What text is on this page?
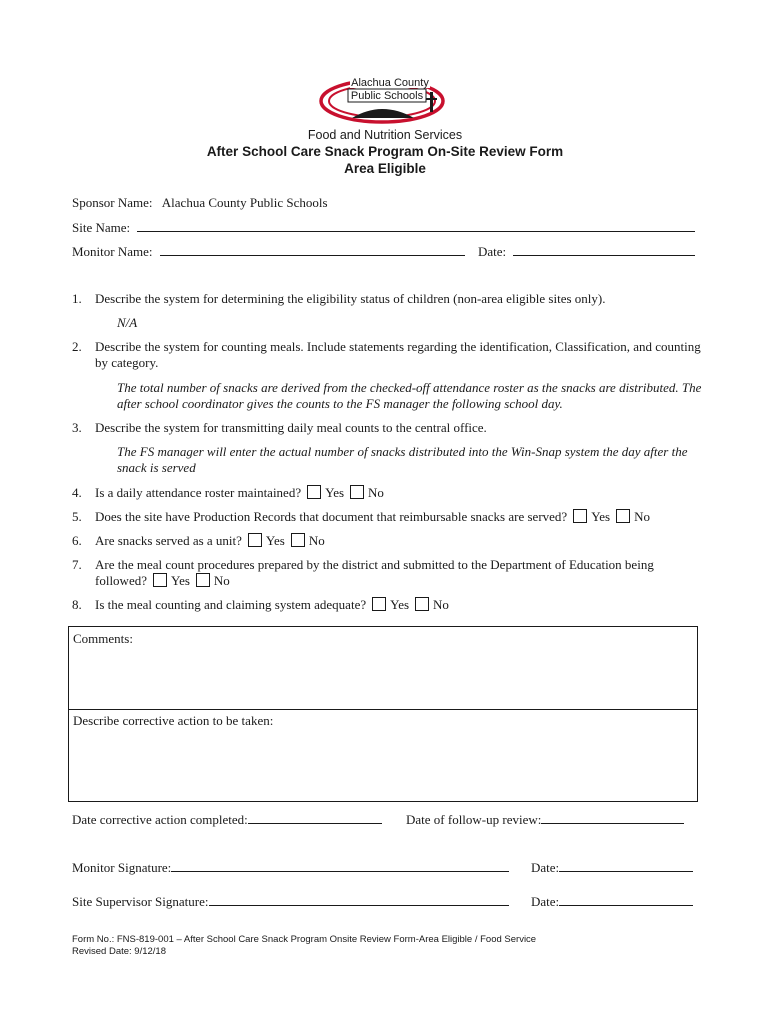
Alachua County
Public Schools
Food and Nutrition Services
After School Care Snack Program On-Site Review Form
Area Eligible
Sponsor Name: Alachua County Public Schools
Site Name:
Monitor Name:	Date:
1. Describe the system for determining the eligibility status of children (non-area eligible sites only).
N/A
2. Describe the system for counting meals. Include statements regarding the identification, Classification, and counting by category.
The total number of snacks are derived from the checked-off attendance roster as the snacks are distributed. The after school coordinator gives the counts to the FS manager the following school day.
3. Describe the system for transmitting daily meal counts to the central office.
The FS manager will enter the actual number of snacks distributed into the Win-Snap system the day after the snack is served
4. Is a daily attendance roster maintained? Yes No
5. Does the site have Production Records that document that reimbursable snacks are served? Yes No
6. Are snacks served as a unit? Yes No
7. Are the meal count procedures prepared by the district and submitted to the Department of Education being
followed? Yes No
8. Is the meal counting and claiming system adequate? Yes No
Comments:
Describe corrective action to be taken:
Date corrective action completed:	Date of follow-up review:
Monitor Signature:	Date:
Site Supervisor Signature:	Date:
Form No.: FNS-819-001 – After School Care Snack Program Onsite Review Form-Area Eligible / Food Service
Revised Date: 9/12/18
